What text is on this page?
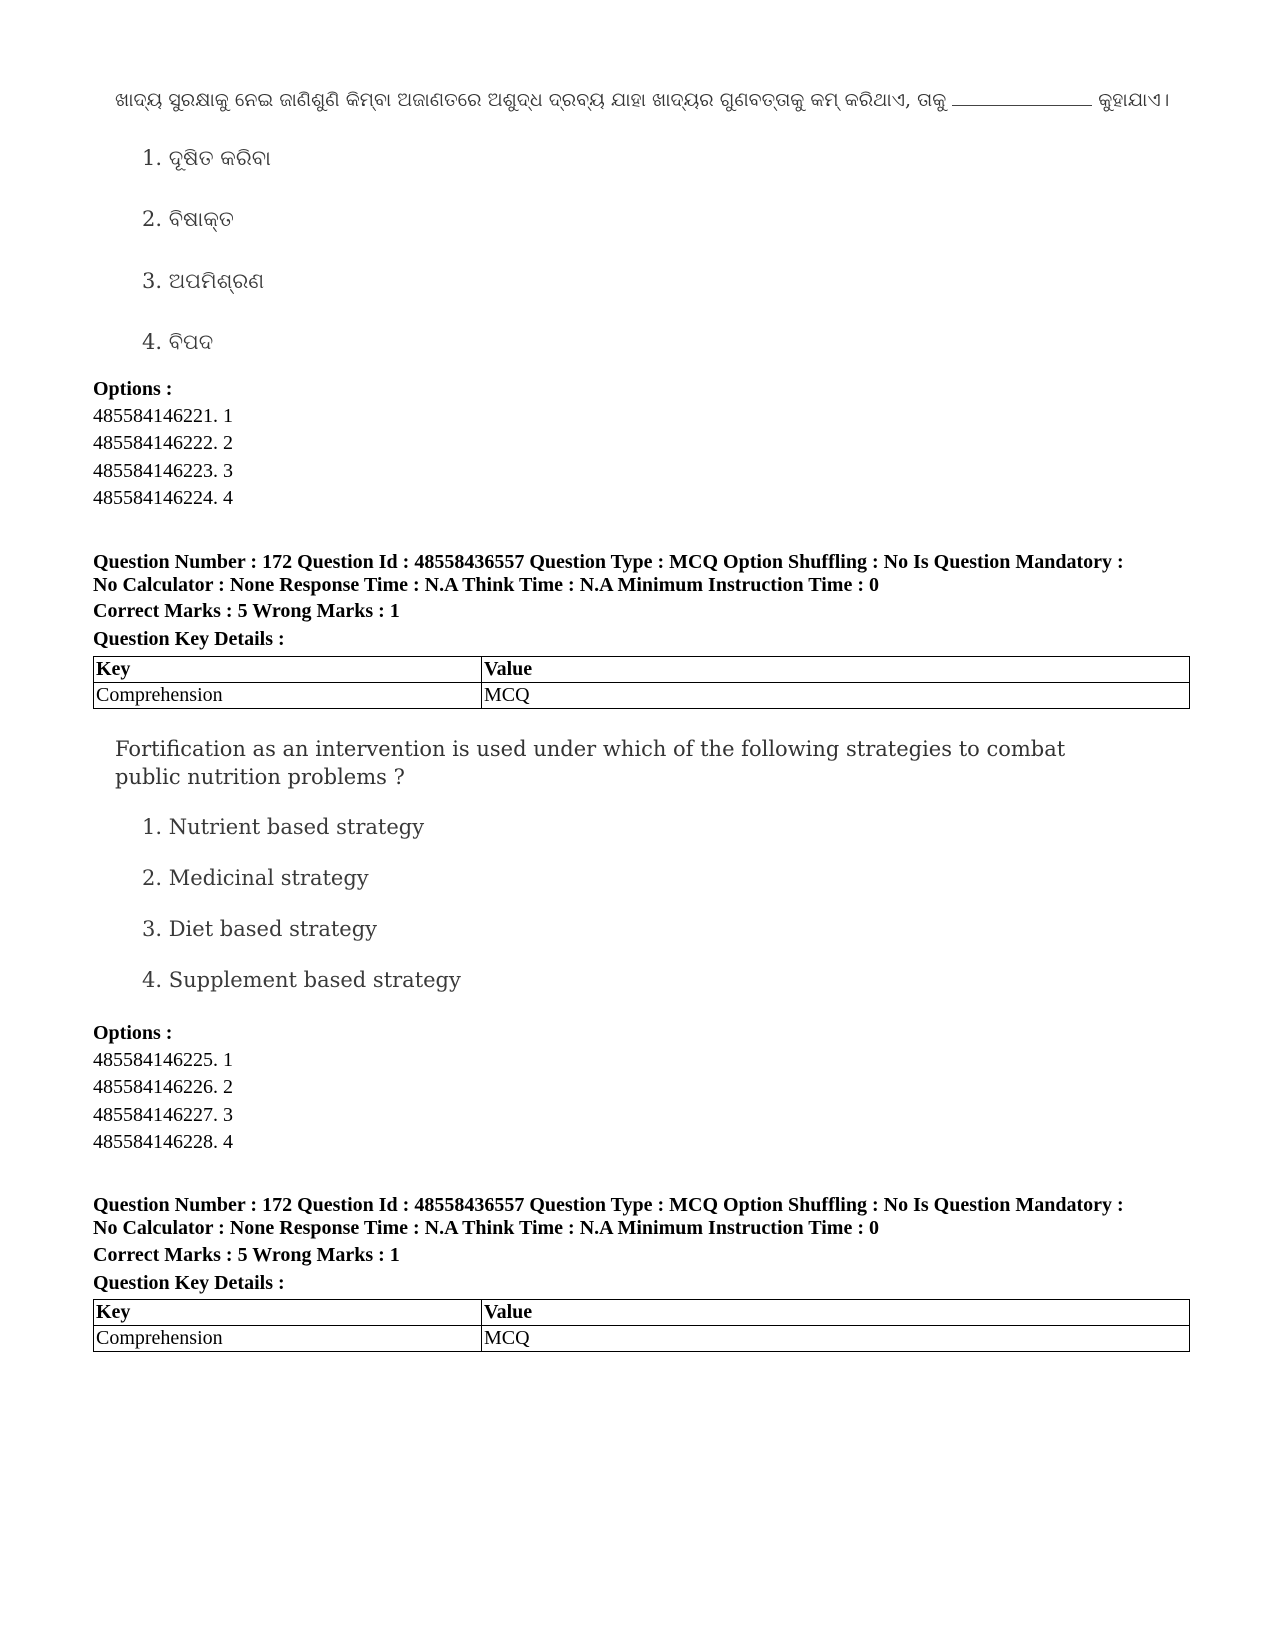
ଖାଦ୍ୟ ସୁରକ୍ଷାକୁ ନେଇ ଜାଣିଶୁଣି କିମ୍ବା ଅଜାଣତରେ ଅଶୁଦ୍ଧ ଦ୍ରବ୍ୟ ଯାହା ଖାଦ୍ୟର ଗୁଣବତ୍ତାକୁ କମ୍ କରିଥାଏ, ତାକୁ	କୁହାଯାଏ।
1. ଦୂଷିତ କରିବା
2. ବିଷାକ୍ତ
3. ଅପମିଶ୍ରଣ
4. ବିପଦ
Options :
485584146221. 1
485584146222. 2
485584146223. 3
485584146224. 4
Question Number : 172 Question Id : 48558436557 Question Type : MCQ Option Shuffling : No Is Question Mandatory :
No Calculator : None Response Time : N.A Think Time : N.A Minimum Instruction Time : 0
Correct Marks : 5 Wrong Marks : 1
Question Key Details :
Key	Value
Comprehension	MCQ
Fortification as an intervention is used under which of the following strategies to combat public nutrition problems ?
1. Nutrient based strategy
2. Medicinal strategy
3. Diet based strategy
4. Supplement based strategy
Options :
485584146225. 1
485584146226. 2
485584146227. 3
485584146228. 4
Question Number : 172 Question Id : 48558436557 Question Type : MCQ Option Shuffling : No Is Question Mandatory :
No Calculator : None Response Time : N.A Think Time : N.A Minimum Instruction Time : 0
Correct Marks : 5 Wrong Marks : 1
Question Key Details :
Key	Value
Comprehension	MCQ
